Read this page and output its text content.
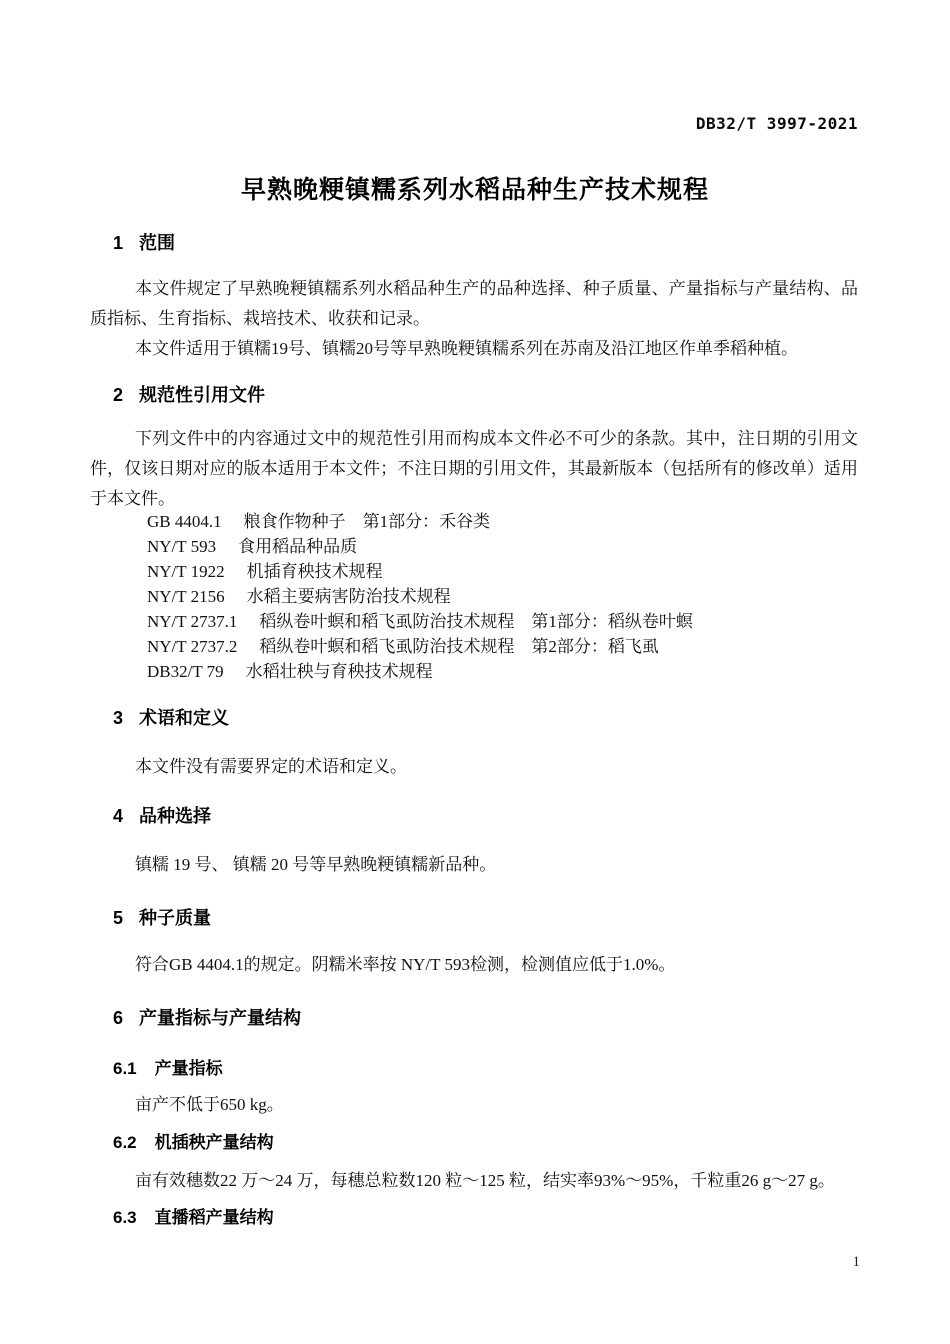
DB32/T 3997-2021
早熟晚粳镇糯系列水稻品种生产技术规程
1 范围

本文件规定了早熟晚粳镇糯系列水稻品种生产的品种选择、种子质量、产量指标与产量结构、品质指标、生育指标、栽培技术、收获和记录。

本文件适用于镇糯19号、镇糯20号等早熟晚粳镇糯系列在苏南及沿江地区作单季稻种植。

2 规范性引用文件

下列文件中的内容通过文中的规范性引用而构成本文件必不可少的条款。其中，注日期的引用文件，仅该日期对应的版本适用于本文件；不注日期的引用文件，其最新版本（包括所有的修改单）适用于本文件。

GB 4404.1 粮食作物种子　第1部分：禾谷类
NY/T 593 食用稻品种品质
NY/T 1922 机插育秧技术规程
NY/T 2156 水稻主要病害防治技术规程
NY/T 2737.1 稻纵卷叶螟和稻飞虱防治技术规程　第1部分：稻纵卷叶螟
NY/T 2737.2 稻纵卷叶螟和稻飞虱防治技术规程　第2部分：稻飞虱
DB32/T 79 水稻壮秧与育秧技术规程
3 术语和定义

本文件没有需要界定的术语和定义。

4 品种选择

镇糯 19 号、 镇糯 20 号等早熟晚粳镇糯新品种。

5 种子质量

符合GB 4404.1的规定。阴糯米率按 NY/T 593检测，检测值应低于1.0%。

6 产量指标与产量结构
6.1 产量指标

亩产不低于650 kg。

6.2 机插秧产量结构

亩有效穗数22 万～24 万，每穗总粒数120 粒～125 粒，结实率93%～95%，千粒重26 g～27 g。

6.3 直播稻产量结构
1
